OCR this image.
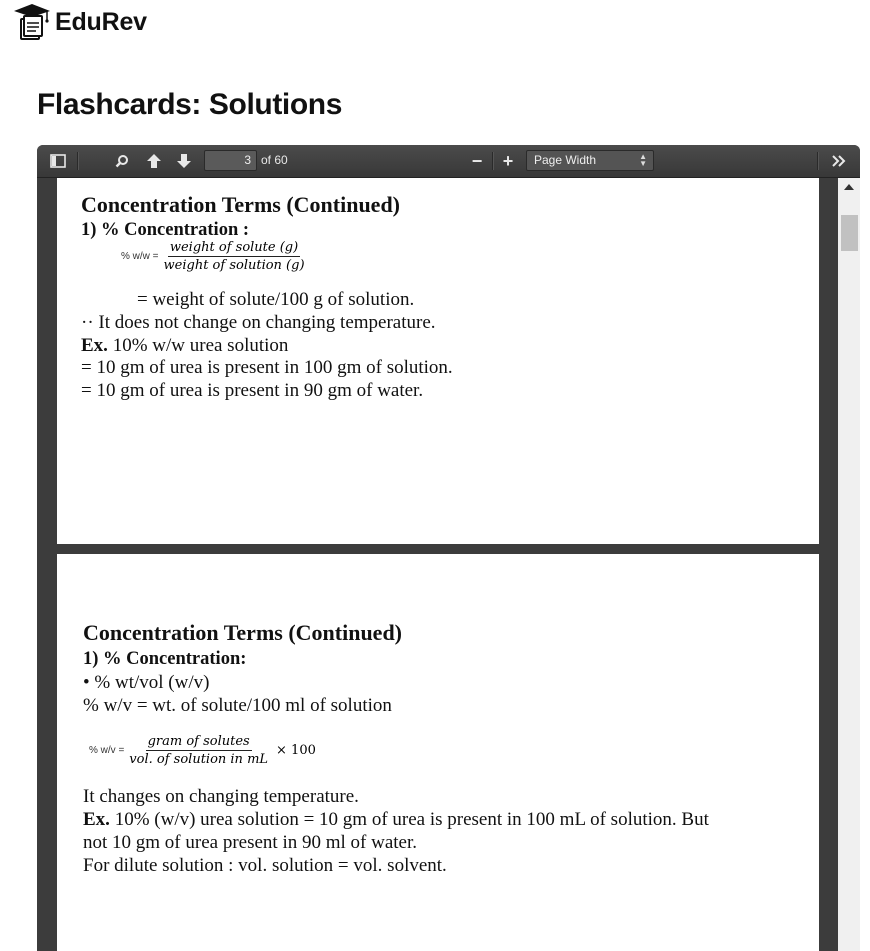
EduRev
Flashcards: Solutions
3 of 60	− +	Page Width	▲
▼
Concentration Terms (Continued)
1) % Concentration :
% $w/w = \frac{\text{weight of solute (g)}}{\text{weight of solution (g)}}$
= weight of solute/100 g of solution.
·· It does not change on changing temperature.
Ex. 10% w/w urea solution
= 10 gm of urea is present in 100 gm of solution.
= 10 gm of urea is present in 90 gm of water.
Concentration Terms (Continued)
1) % Concentration:
• % wt/vol (w/v)
% w/v = wt. of solute/100 ml of solution
% $w/v = \frac{\text{gram of solutes}}{\text{vol. of solution in mL}} \times 100$
It changes on changing temperature.
Ex. 10% (w/v) urea solution = 10 gm of urea is present in 100 mL of solution. But
not 10 gm of urea present in 90 ml of water.
For dilute solution : vol. solution = vol. solvent.
